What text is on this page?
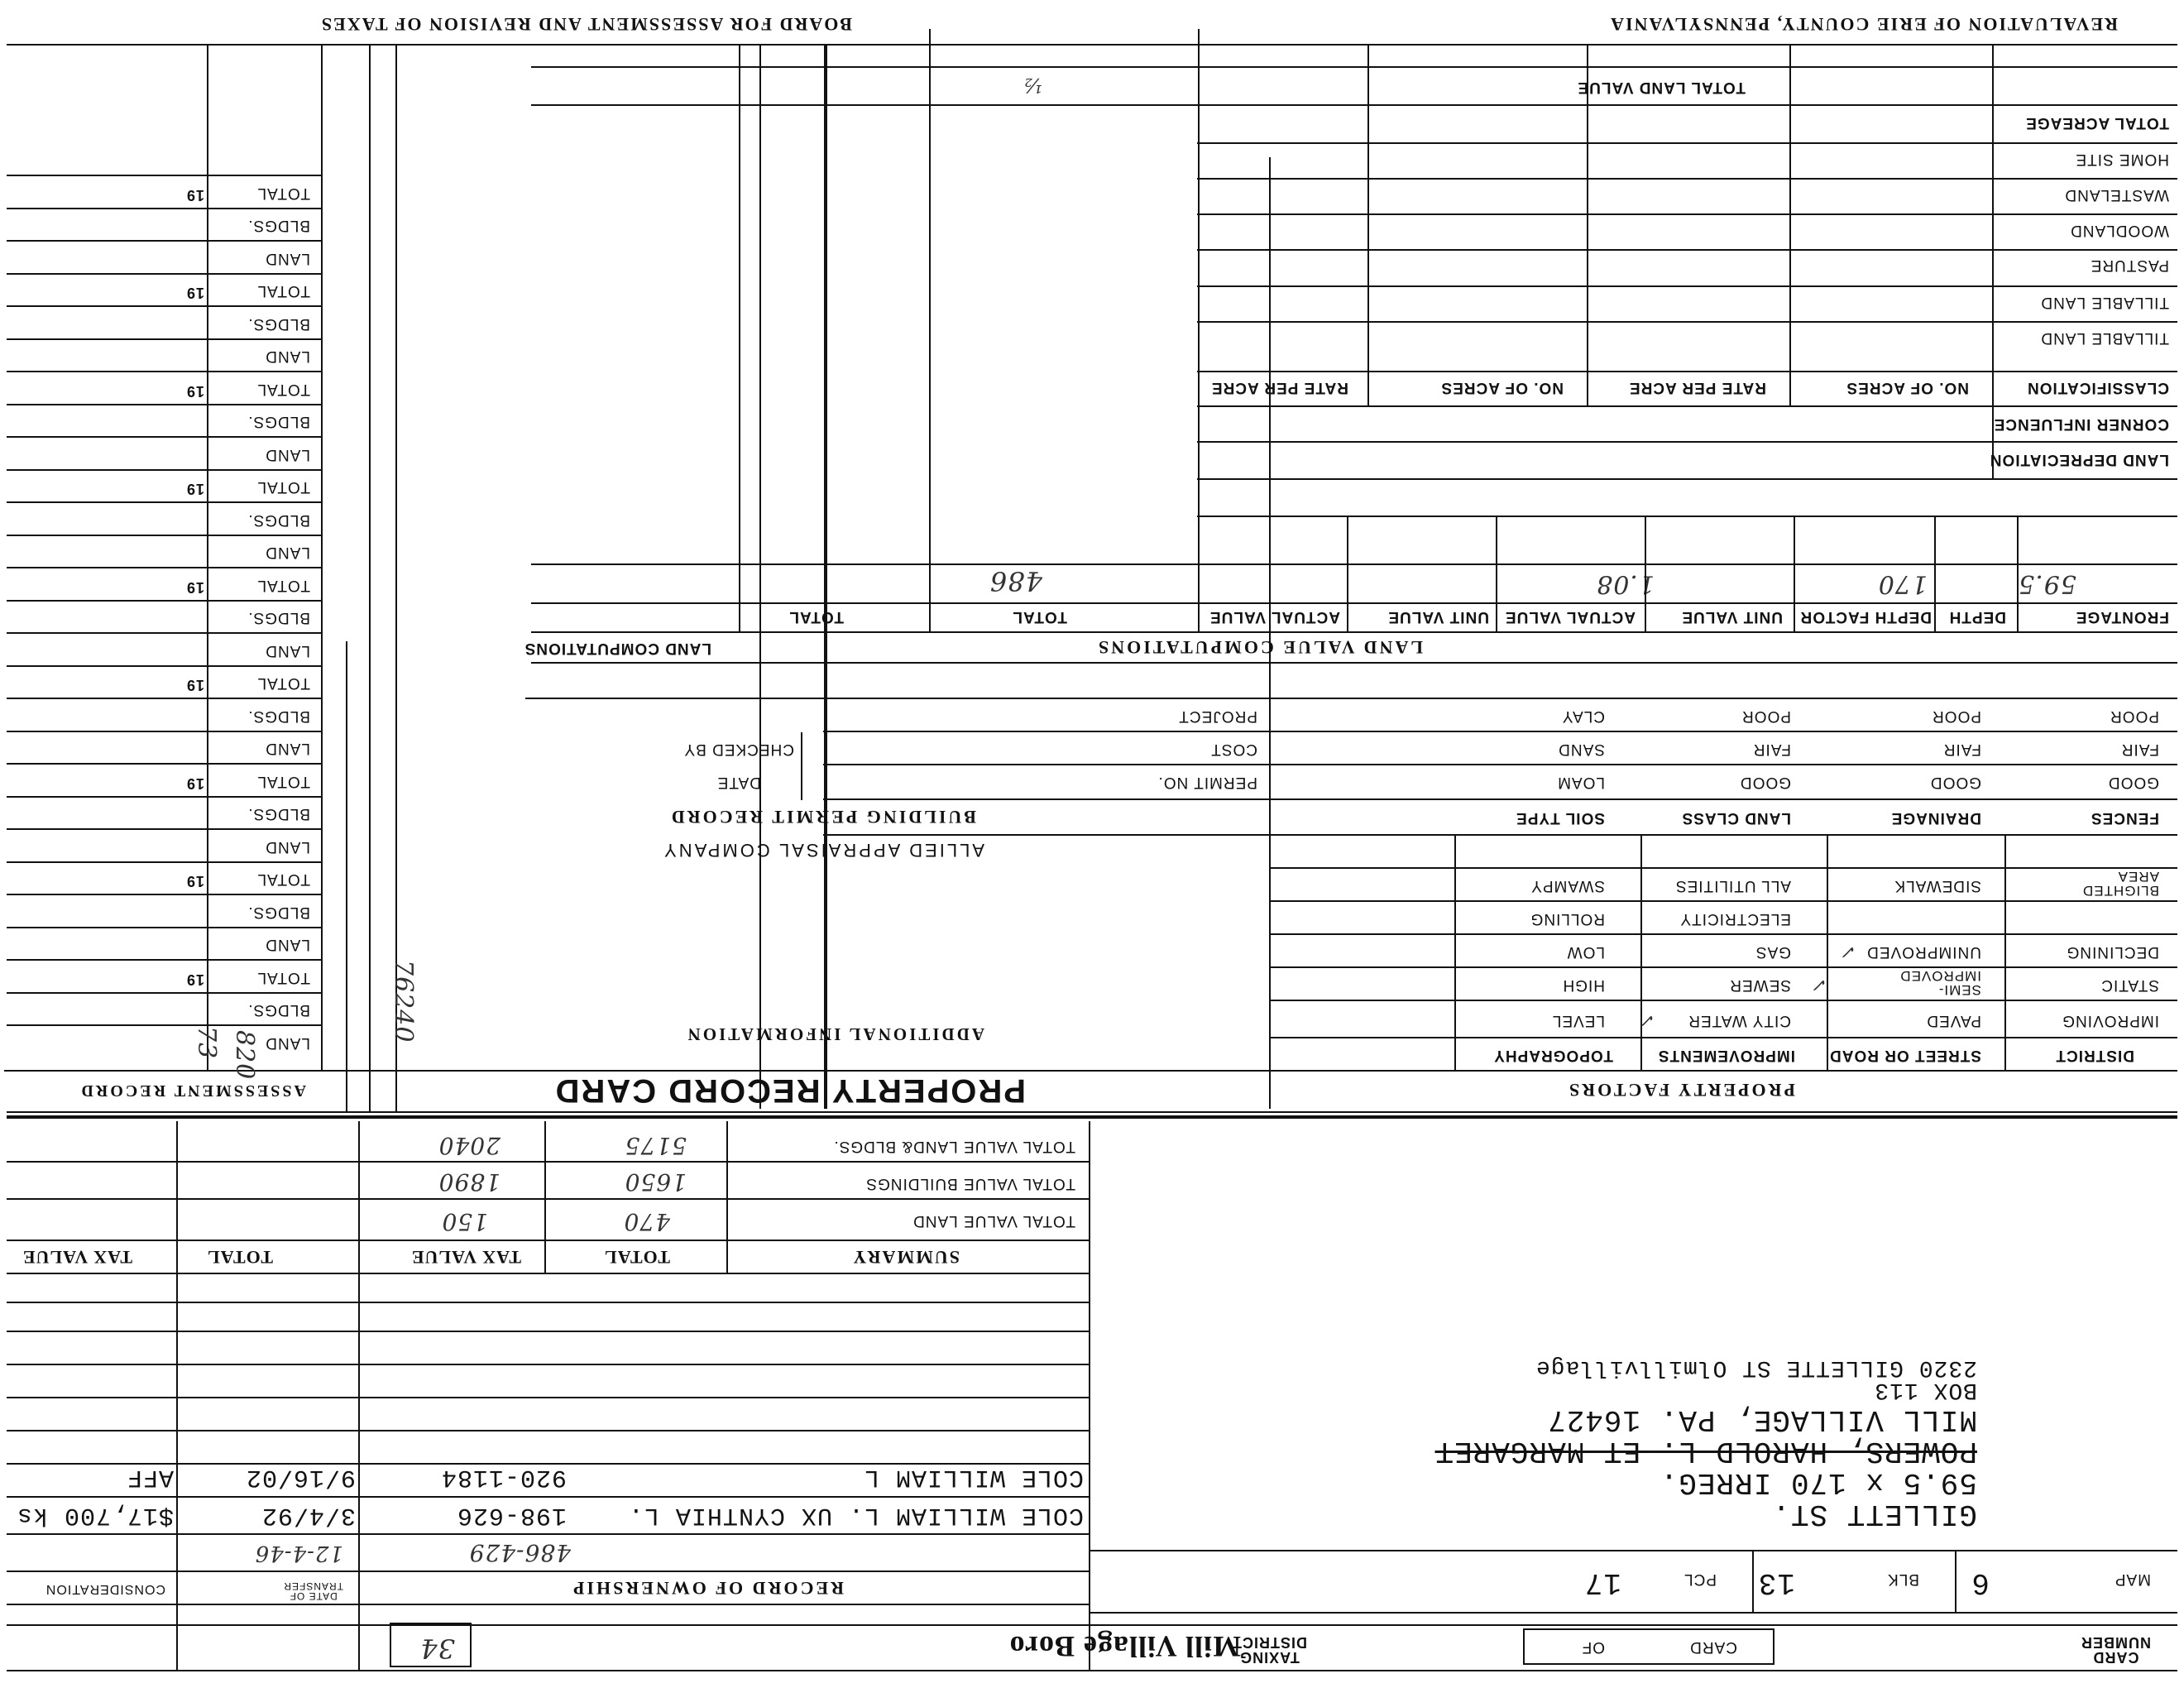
REVALUATION OF ERIE COUNTY, PENNSYLVANIA
BOARD FOR ASSESSMENT AND REVISION OF TAXES
PROPERTY FACTORS
DISTRICT
STREET OR ROAD
IMPROVEMENTS
TOPOGRAPHY
LEVEL
HIGH
LOW
ROLLING
SWAMPY
CITY WATER
SEWER
GAS
ELECTRICITY
ALL UTILITIES
PAVED
SEMI-
IMPROVED
UNIMPROVED
SIDEWALK
IMPROVING
STATIC
DECLINING
BLIGHTED
AREA
✓
✓
✓
FENCES
DRAINAGE
LAND CLASS
SOIL TYPE
LOAM
SAND
CLAY
GOOD
FAIR
POOR
GOOD
FAIR
POOR
GOOD
FAIR
POOR
LAND VALUE COMPUTATIONS
FRONTAGE
DEPTH
DEPTH FACTOR
UNIT VALUE
ACTUAL VALUE
UNIT VALUE
ACTUAL VALUE
TOTAL
TOTAL
59.5
170
1.08
486
LAND DEPRECIATION
CORNER INFLUENCE
CLASSIFICATION
NO. OF ACRES
RATE PER ACRE
NO. OF ACRES
RATE PER ACRE
TILLABLE LAND
TILLABLE LAND
PASTURE
WOODLAND
WASTELAND
HOME SITE
TOTAL ACREAGE
TOTAL LAND VALUE
½
LAND COMPUTATIONS
BUILDING PERMIT RECORD
PERMIT NO.
DATE
COST
CHECKED BY
PROJECT
ALLIED APPRAISAL COMPANY
ADDITIONAL INFORMATION
PROPERTY RECORD CARD
76240
ASSESSMENT RECORD
820
73
SUMMARY
TOTAL
TAX VALUE
TOTAL
TAX VALUE
TOTAL VALUE LAND
470
150
TOTAL VALUE BUILDINGS
1650
1890
TOTAL VALUE LAND& BLDGS.
5175
2040
RECORD OF OWNERSHIP
DATE OF
TRANSFER
CONSIDERATION
486-429
12-4-46
COLE WILLIAM L. UX CYNTHIA L.
198-626
3/4/92
$17,700 ks
COLE WILLIAM L
920-1184
9/16/02
AFF
MAP
6
BLK
13
PCL
17
GILLETT ST.
59.5 x 170 IRREG.
POWERS, HAROLD L. ET MARGARET
MILL VILLAGE, PA. 16427
BOX 113
2320 GILLETTE ST Olmillvillage
CARD
NUMBER
CARD
OF
TAXING
DISTRICT
Mill Village Boro
34
LAND
BLDGS.
TOTAL
19
LAND
BLDGS.
TOTAL
19
LAND
BLDGS.
TOTAL
19
LAND
BLDGS.
TOTAL
19
LAND
BLDGS.
TOTAL
19
LAND
BLDGS.
TOTAL
19
LAND
BLDGS.
TOTAL
19
LAND
BLDGS.
TOTAL
19
LAND
BLDGS.
TOTAL
19
